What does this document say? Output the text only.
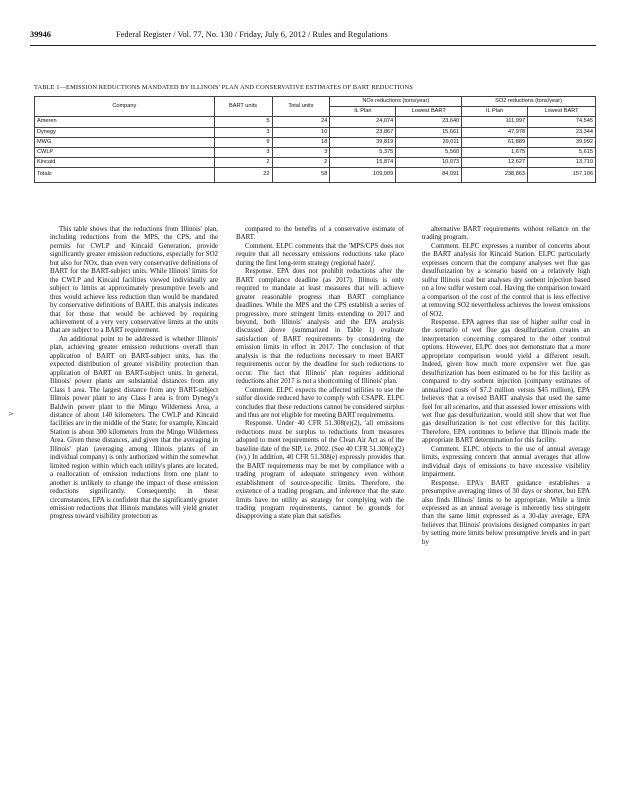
39946	Federal Register / Vol. 77, No. 130 / Friday, July 6, 2012 / Rules and Regulations
TABLE 1—EMISSION REDUCTIONS MANDATED BY ILLINOIS' PLAN AND CONSERVATIVE ESTIMATES OF BART REDUCTIONS
Company	BART units	Total units	NOx reductions (tons/year)		SO2 reductions (tons/year)	
			IL Plan	Lowest BART	IL Plan	Lowest BART
Ameren	5	24	24,074	23,640	111,997	74,545
Dynegy	3	10	23,867	15,661	47,978	23,344
MWG	9	18	39,819	29,011	61,889	39,992
CWLP	3	3	5,375	5,560	1,675	5,615
Kincaid	2	2	15,874	10,073	12,627	13,710
Totals	22	58	109,009	84,091	238,863	157,106

This table shows that the reductions from Illinois' plan, including reductions from the MPS, the CPS, and the permits for CWLP and Kincaid Generation, provide significantly greater emission reductions, especially for SO2 but also for NOx, than even very conservative definitions of BART for the BART-subject units. While Illinois' limits for the CWLP and Kincaid facilities viewed individually are subject to limits at approximately presumptive levels and thus would achieve less reduction than would be mandated by conservative definitions of BART, this analysis indicates that for those that would be achieved by requiring achievement of a very very conservative limits at the units that are subject to a BART requirement.

An additional point to be addressed is whether Illinois' plan, achieving greater emission reductions overall than application of BART on BART-subject units, has the expected distribution of greater visibility protection than application of BART on BART-subject units. In general, Illinois' power plants are substantial distances from any Class I area. The largest distance from any BART-subject Illinois power plant to any Class I area is from Dynegy's Baldwin power plant to the Mingo Wilderness Area, a distance of about 140 kilometers. The CWLP and Kincaid facilities are in the middle of the State; for example, Kincaid Station is about 300 kilometers from the Mingo Wilderness Area. Given these distances, and given that the averaging in Illinois' plan (averaging among Illinois plants of an individual company) is only authorized within the somewhat limited region within which each utility's plants are located, a reallocation of emission reductions from one plant to another is unlikely to change the impact of those emission reductions significantly. Consequently, in these circumstances, EPA is confident that the significantly greater emission reductions that Illinois mandates will yield greater progress toward visibility protection as

compared to the benefits of a conservative estimate of BART.

Comment. ELPC comments that the 'MPS/CPS does not require that all necessary emissions reductions take place during the first long-term strategy (regional haze)'.

Response. EPA does not prohibit reductions after the BART compliance deadline (as 2017). Illinois is only required to mandate at least measures that will achieve greater reasonable progress than BART compliance deadlines. While the MPS and the CPS establish a series of progressive, more stringent limits extending to 2017 and beyond, both Illinois' analysis and the EPA analysis discussed above (summarized in Table 1) evaluate satisfaction of BART requirements by considering the emission limits in effect in 2017. The conclusion of that analysis is that the reductions necessary to meet BART requirements occur by the deadline for such reductions to occur. The fact that Illinois' plan requires additional reductions after 2017 is not a shortcoming of Illinois' plan.

Comment. ELPC expects the affected utilities to use the sulfur dioxide reduced have to comply with CSAPR. ELPC concludes that these reductions cannot be considered surplus and thus are not eligible for meeting BART requirements.

Response. Under 40 CFR 51.308(e)(2), 'all emissions reductions must be surplus to reductions from measures adopted to meet requirements of the Clean Air Act as of the baseline date of the SIP, i.e. 2002. (See 40 CFR 51.308(e)(2)(iv).) In addition, 40 CFR 51.308(e) expressly provides that the BART requirements may be met by compliance with a trading program of adequate stringency even without establishment of source-specific limits. Therefore, the existence of a trading program, and inference that the state limits have no utility as strategy for complying with the trading program requirements, cannot be grounds for disapproving a state plan that satisfies

alternative BART requirements without reliance on the trading program.

Comment. ELPC expresses a number of concerns about the BART analysis for Kincaid Station. ELPC particularly expresses concern that the company analyses wet flue gas desulfurization by a scenario based on a relatively high sulfur Illinois coal but analyses dry sorbent injection based on a low sulfur western coal. Having the comparison toward a comparison of the cost of the control that is less effective at removing SO2 nevertheless achieves the lowest emissions of SO2.

Response. EPA agrees that use of higher sulfur coal in the scenario of wet flue gas desulfurization creates an interpretation concerning compared to the other control options. However, ELPC does not demonstrate that a more appropriate comparison would yield a different result. Indeed, given how much more expensive wet flue gas desulfurization has been estimated to be for this facility as compared to dry sorbent injection (company estimates of annualized costs of $7.2 million versus $45 million), EPA believes that a revised BART analysis that used the same fuel for all scenarios, and that assessed lower emissions with wet flue gas desulfurization, would still show that wet flue gas desulfurization is not cost effective for this facility. Therefore, EPA continues to believe that Illinois made the appropriate BART determination for this facility.

Comment. ELPC objects to the use of annual average limits, expressing concern that annual averages that allow individual days of emissions to have excessive visibility impairment.

Response. EPA's BART guidance establishes a presumptive averaging times of 30 days or shorter, but EPA also finds Illinois' limits to be appropriate. While a limit expressed as an annual average is inherently less stringent than the same limit expressed as a 30-day average, EPA believes that Illinois' provisions designed companies in part by setting more limits below presumptive levels and in part by

>
